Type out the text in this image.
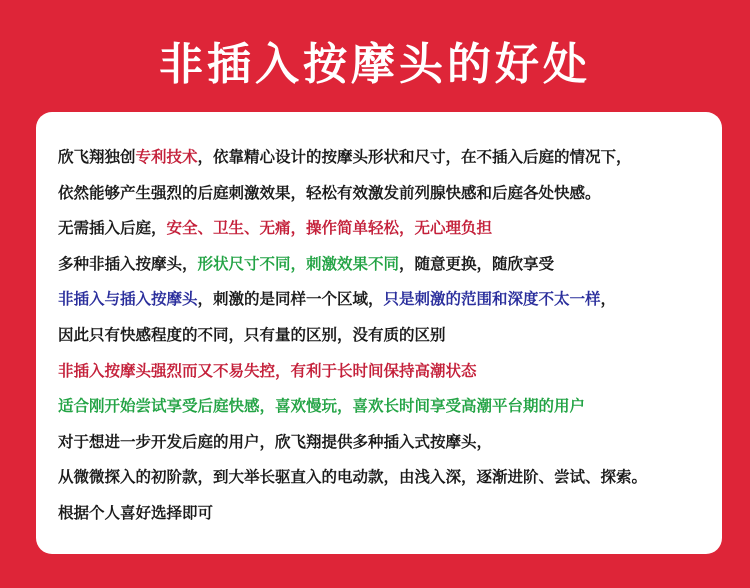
非插入按摩头的好处
欣飞翔独创专利技术，依靠精心设计的按摩头形状和尺寸，在不插入后庭的情况下，
依然能够产生强烈的后庭刺激效果，轻松有效激发前列腺快感和后庭各处快感。
无需插入后庭，安全、卫生、无痛，操作简单轻松，无心理负担
多种非插入按摩头，形状尺寸不同，刺激效果不同，随意更换，随欣享受
非插入与插入按摩头，刺激的是同样一个区域，只是刺激的范围和深度不太一样，
因此只有快感程度的不同，只有量的区别，没有质的区别
非插入按摩头强烈而又不易失控，有利于长时间保持高潮状态
适合刚开始尝试享受后庭快感，喜欢慢玩，喜欢长时间享受高潮平台期的用户
对于想进一步开发后庭的用户，欣飞翔提供多种插入式按摩头，
从微微探入的初阶款，到大举长驱直入的电动款，由浅入深，逐渐进阶、尝试、探索。
根据个人喜好选择即可
